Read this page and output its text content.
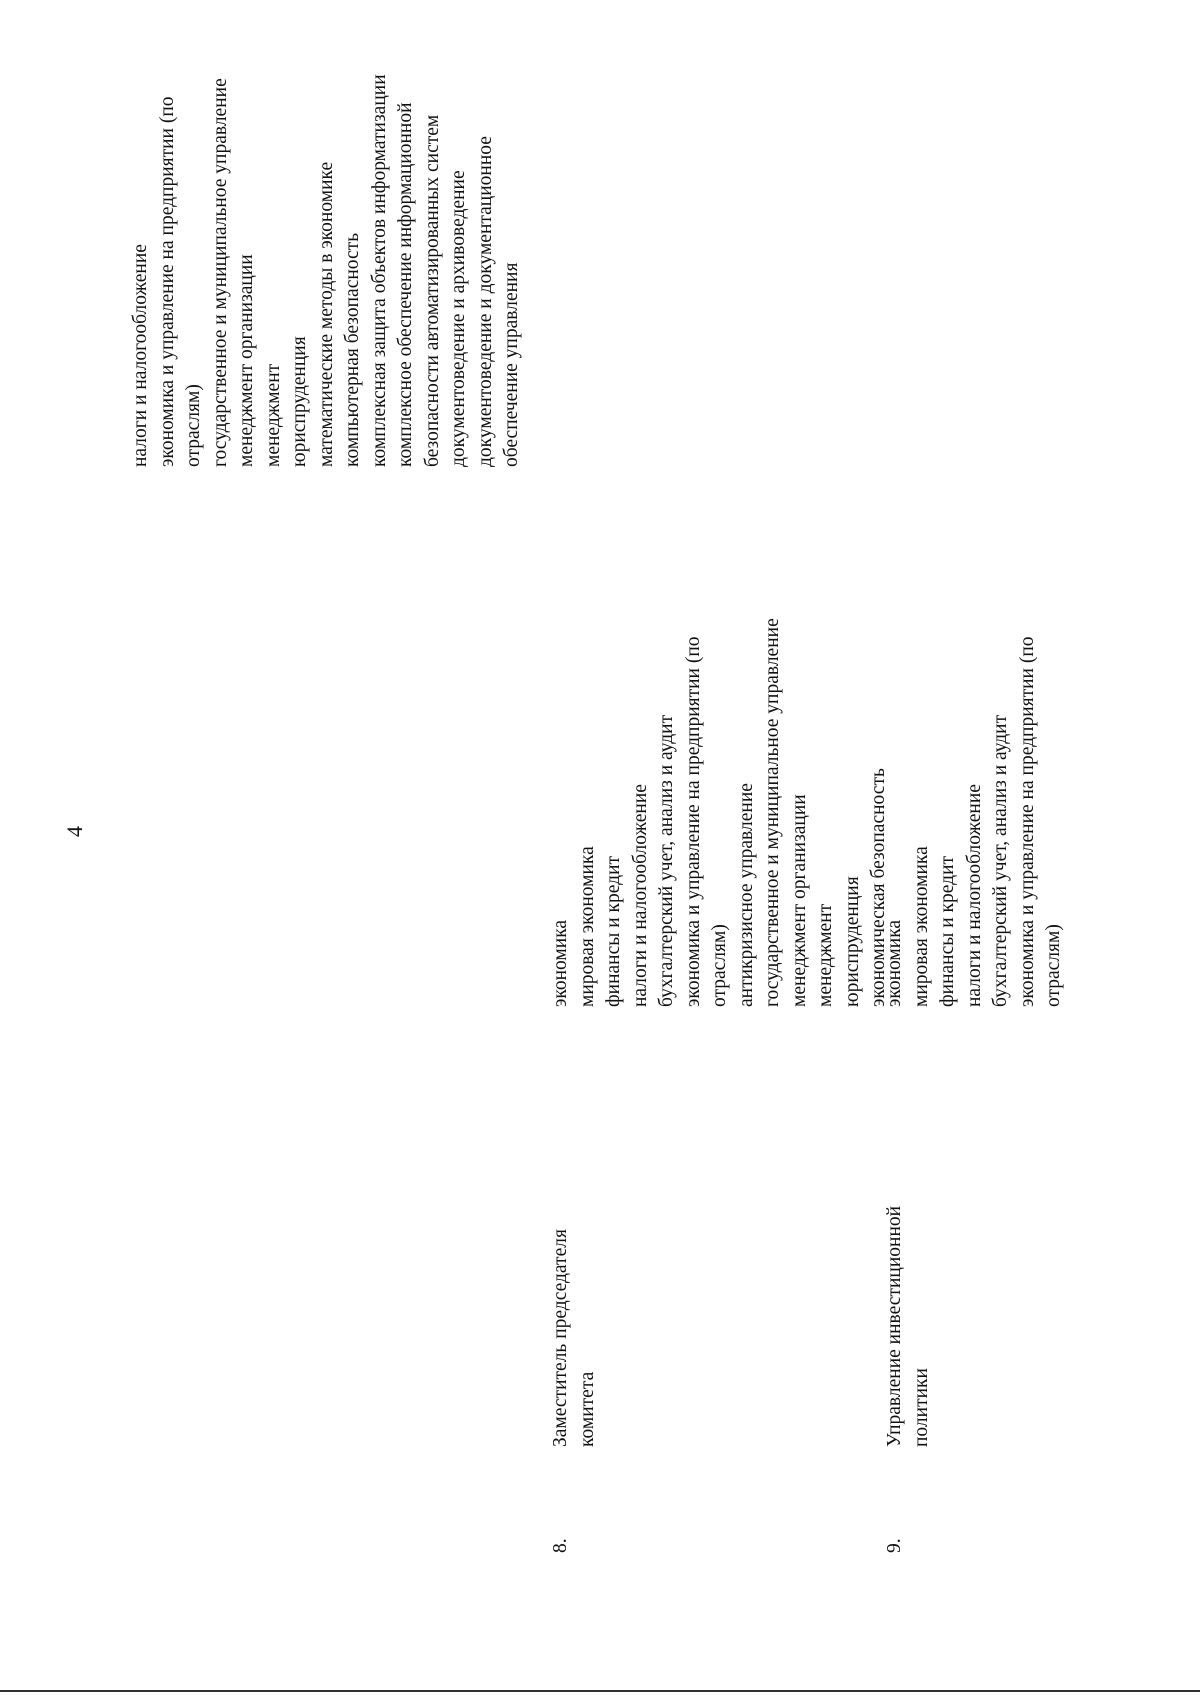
4
8.
Заместитель председателя комитета
экономика мировая экономика финансы и кредит налоги и налогообложение бухгалтерский учет, анализ и аудит экономика и управление на предприятии (по отраслям) антикризисное управление государственное и муниципальное управление менеджмент организации менеджмент юриспруденция экономическая безопасность
9.
Управление инвестиционной политики
экономика мировая экономика финансы и кредит налоги и налогообложение бухгалтерский учет, анализ и аудит экономика и управление на предприятии (по отраслям)
налоги и налогообложение экономика и управление на предприятии (по отраслям) государственное и муниципальное управление менеджмент организации менеджмент юриспруденция математические методы в экономике компьютерная безопасность комплексная защита объектов информатизации комплексное обеспечение информационной безопасности автоматизированных систем документоведение и архивоведение документоведение и документационное обеспечение управления
